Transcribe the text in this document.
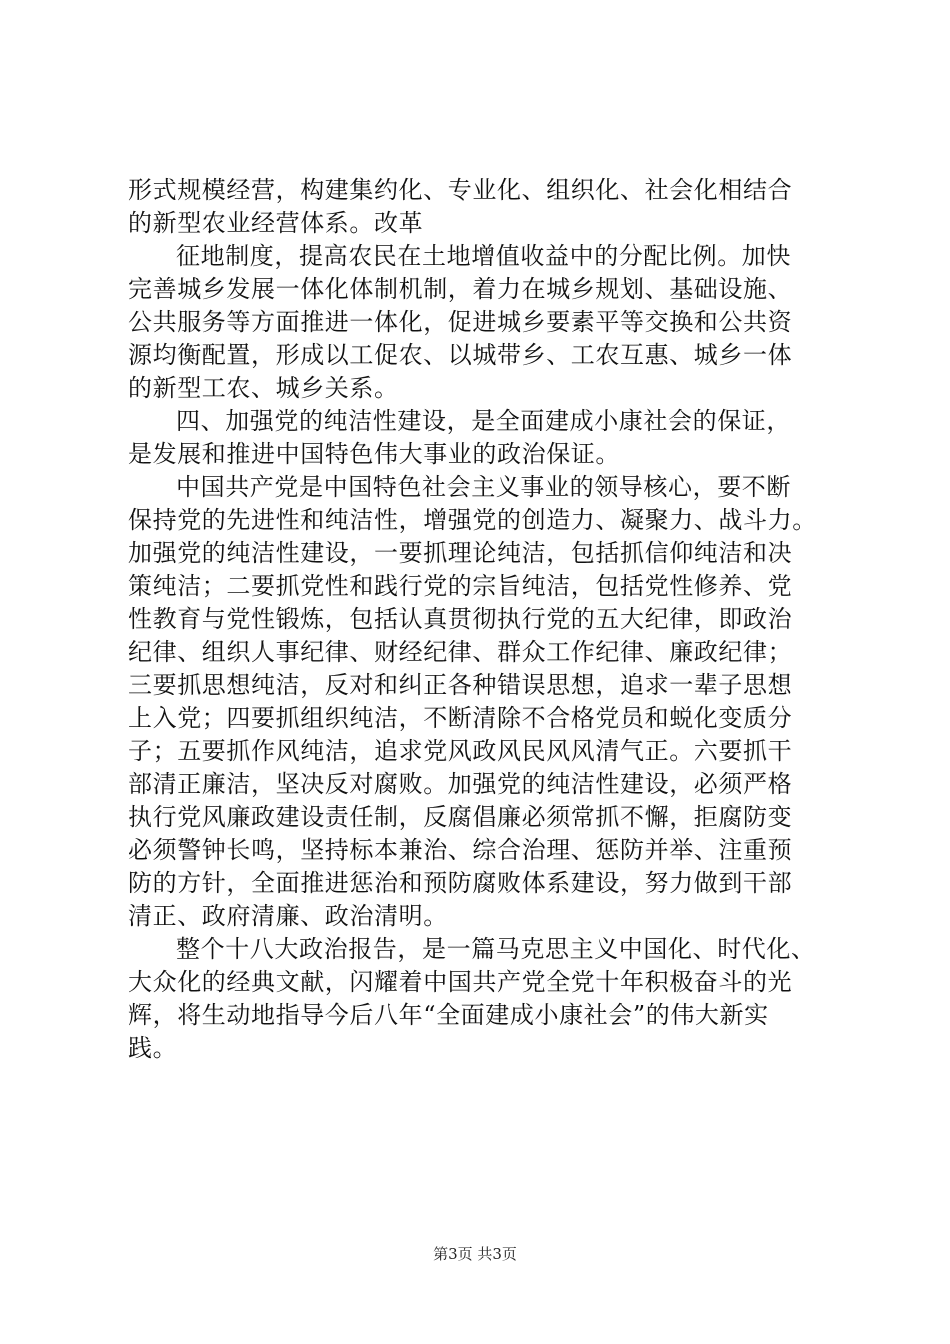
形式规模经营，构建集约化、专业化、组织化、社会化相结合
的新型农业经营体系。改革
征地制度，提高农民在土地增值收益中的分配比例。加快
完善城乡发展一体化体制机制，着力在城乡规划、基础设施、
公共服务等方面推进一体化，促进城乡要素平等交换和公共资
源均衡配置，形成以工促农、以城带乡、工农互惠、城乡一体
的新型工农、城乡关系。
四、加强党的纯洁性建设，是全面建成小康社会的保证，
是发展和推进中国特色伟大事业的政治保证。
中国共产党是中国特色社会主义事业的领导核心，要不断
保持党的先进性和纯洁性，增强党的创造力、凝聚力、战斗力。
加强党的纯洁性建设，一要抓理论纯洁，包括抓信仰纯洁和决
策纯洁；二要抓党性和践行党的宗旨纯洁，包括党性修养、党
性教育与党性锻炼，包括认真贯彻执行党的五大纪律，即政治
纪律、组织人事纪律、财经纪律、群众工作纪律、廉政纪律；
三要抓思想纯洁，反对和纠正各种错误思想，追求一辈子思想
上入党；四要抓组织纯洁，不断清除不合格党员和蜕化变质分
子；五要抓作风纯洁，追求党风政风民风风清气正。六要抓干
部清正廉洁，坚决反对腐败。加强党的纯洁性建设，必须严格
执行党风廉政建设责任制，反腐倡廉必须常抓不懈，拒腐防变
必须警钟长鸣，坚持标本兼治、综合治理、惩防并举、注重预
防的方针，全面推进惩治和预防腐败体系建设，努力做到干部
清正、政府清廉、政治清明。
整个十八大政治报告，是一篇马克思主义中国化、时代化、
大众化的经典文献，闪耀着中国共产党全党十年积极奋斗的光
辉，将生动地指导今后八年“全面建成小康社会”的伟大新实
践。
第3页 共3页
